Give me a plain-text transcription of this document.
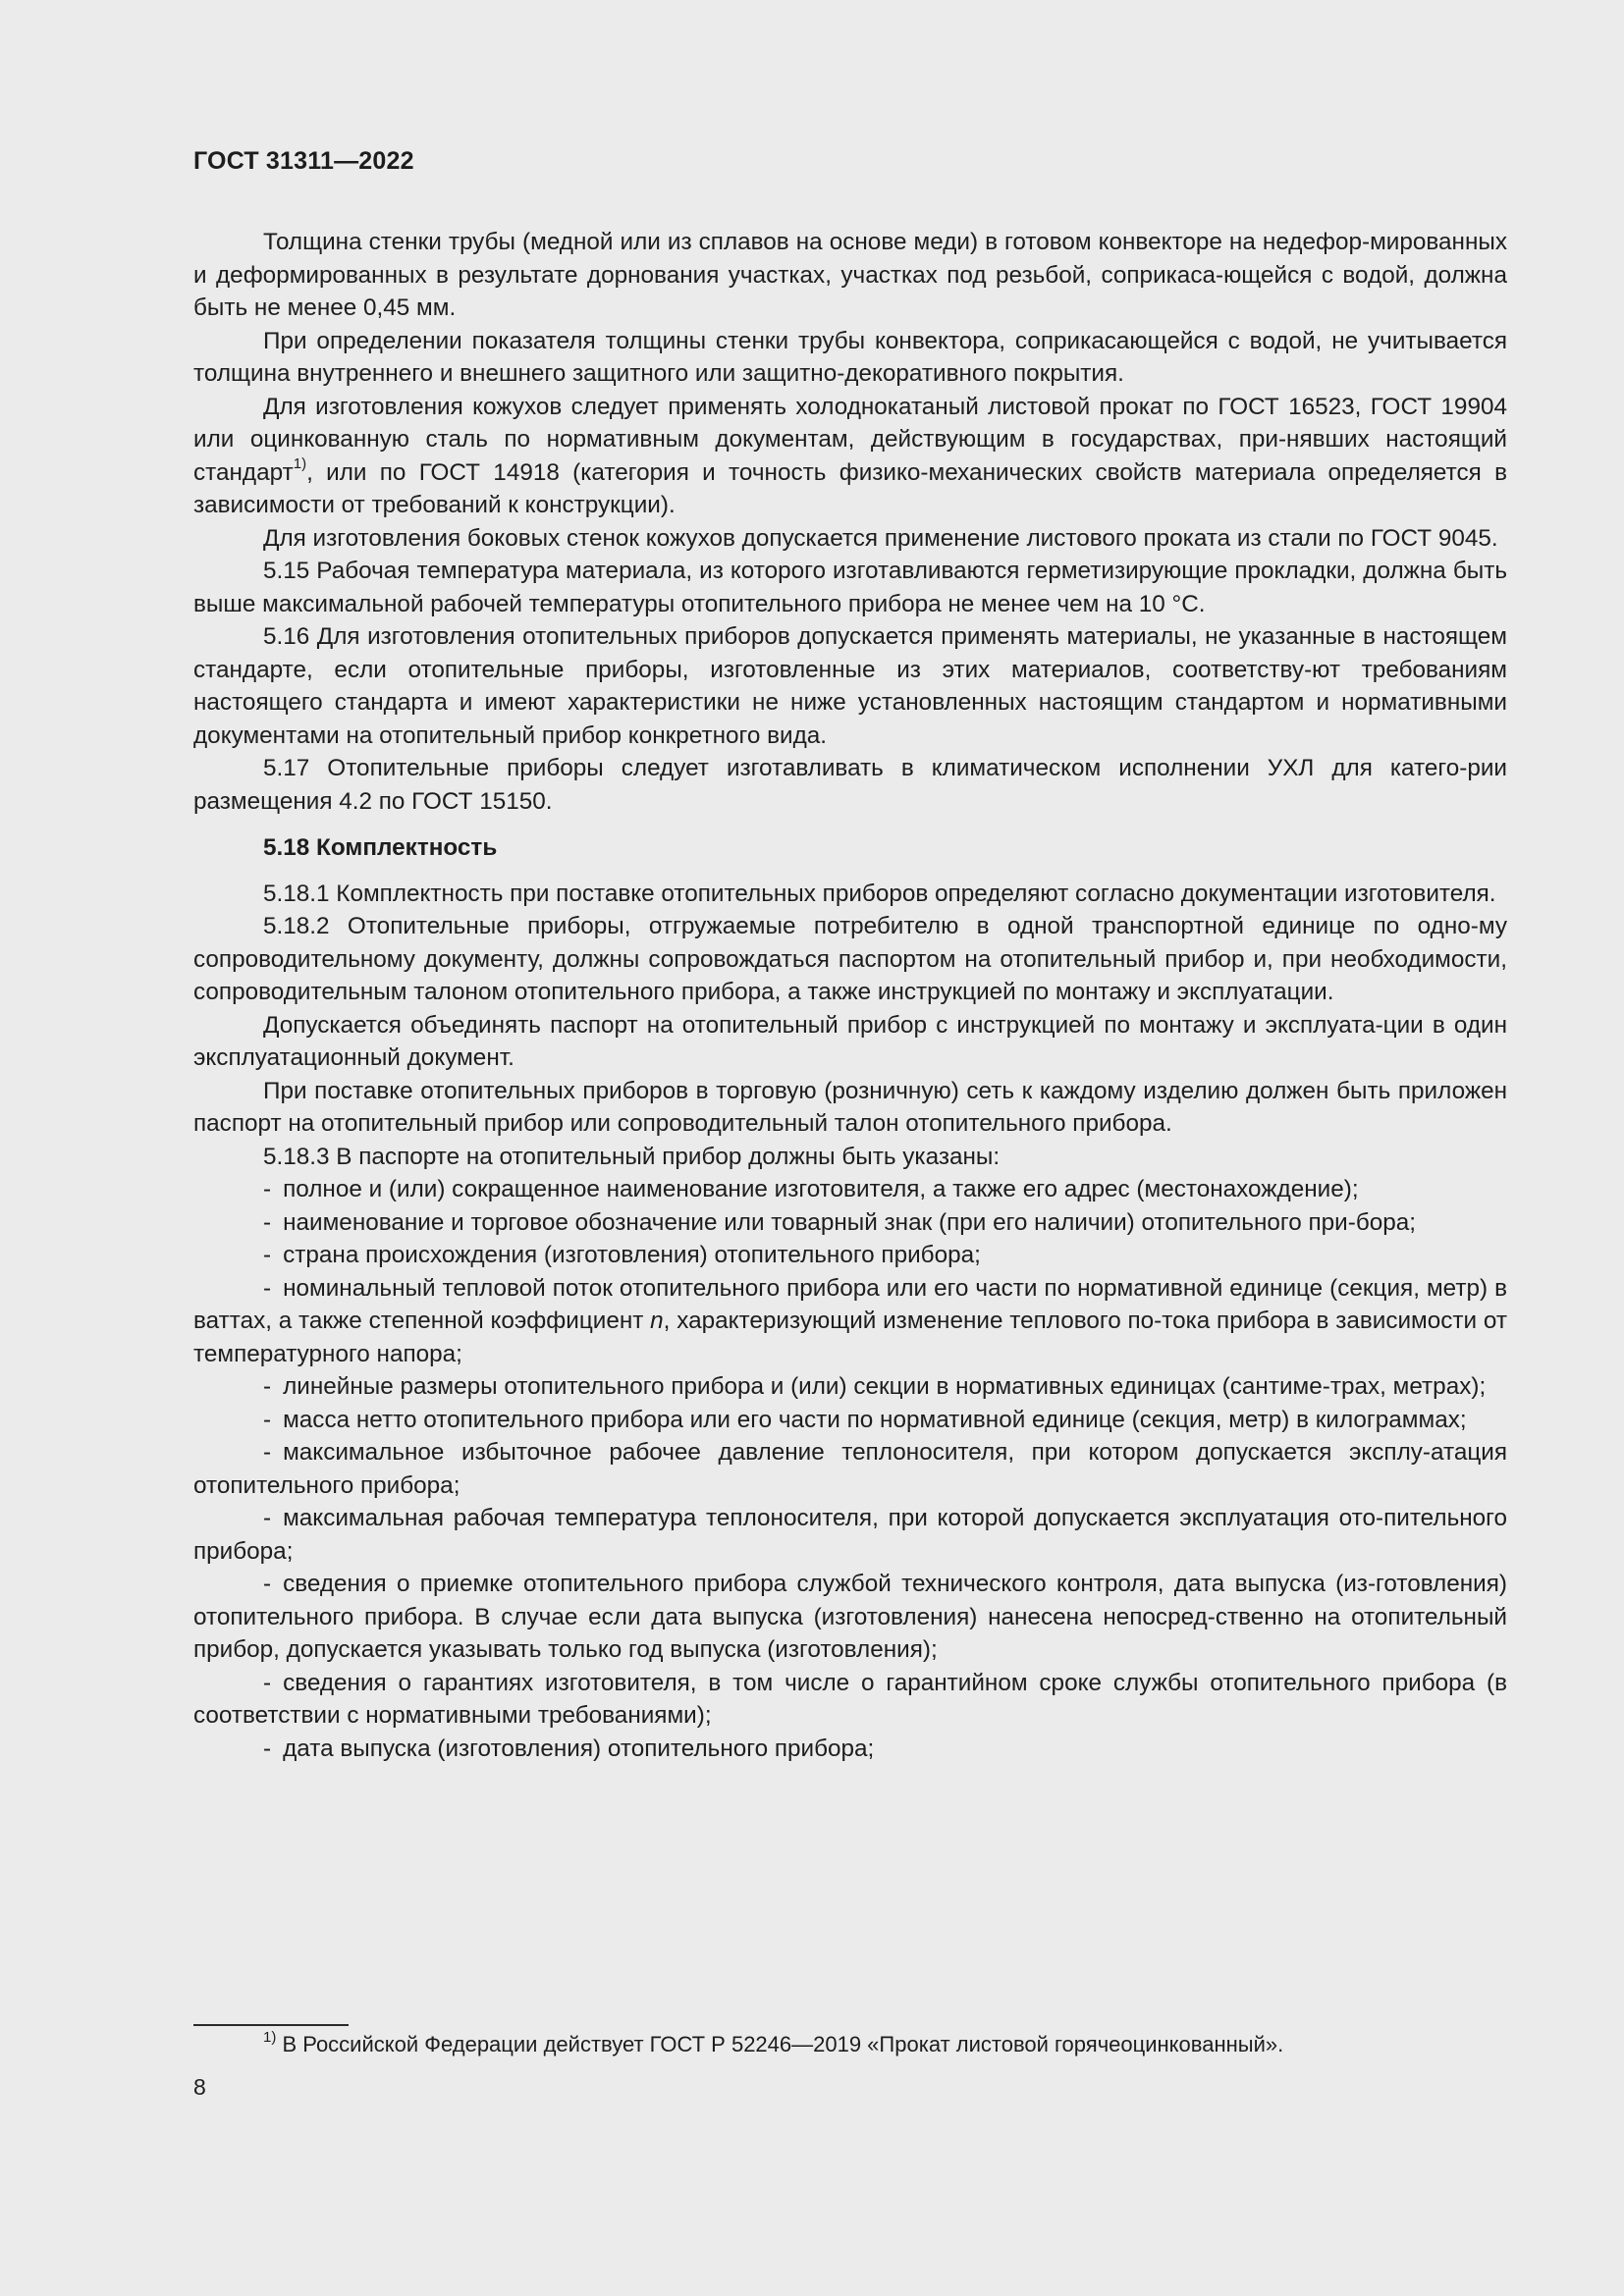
ГОСТ 31311—2022

Толщина стенки трубы (медной или из сплавов на основе меди) в готовом конвекторе на недефор-мированных и деформированных в результате дорнования участках, участках под резьбой, соприкаса-ющейся с водой, должна быть не менее 0,45 мм.

При определении показателя толщины стенки трубы конвектора, соприкасающейся с водой, не учитывается толщина внутреннего и внешнего защитного или защитно-декоративного покрытия.

Для изготовления кожухов следует применять холоднокатаный листовой прокат по ГОСТ 16523, ГОСТ 19904 или оцинкованную сталь по нормативным документам, действующим в государствах, при-нявших настоящий стандарт$^{1)}$, или по ГОСТ 14918 (категория и точность физико-механических свойств материала определяется в зависимости от требований к конструкции).

Для изготовления боковых стенок кожухов допускается применение листового проката из стали по ГОСТ 9045.

5.15 Рабочая температура материала, из которого изготавливаются герметизирующие прокладки, должна быть выше максимальной рабочей температуры отопительного прибора не менее чем на 10 °С.

5.16 Для изготовления отопительных приборов допускается применять материалы, не указанные в настоящем стандарте, если отопительные приборы, изготовленные из этих материалов, соответству-ют требованиям настоящего стандарта и имеют характеристики не ниже установленных настоящим стандартом и нормативными документами на отопительный прибор конкретного вида.

5.17 Отопительные приборы следует изготавливать в климатическом исполнении УХЛ для катего-рии размещения 4.2 по ГОСТ 15150.

5.18 Комплектность

5.18.1 Комплектность при поставке отопительных приборов определяют согласно документации изготовителя.

5.18.2 Отопительные приборы, отгружаемые потребителю в одной транспортной единице по одно-му сопроводительному документу, должны сопровождаться паспортом на отопительный прибор и, при необходимости, сопроводительным талоном отопительного прибора, а также инструкцией по монтажу и эксплуатации.

Допускается объединять паспорт на отопительный прибор с инструкцией по монтажу и эксплуата-ции в один эксплуатационный документ.

При поставке отопительных приборов в торговую (розничную) сеть к каждому изделию должен быть приложен паспорт на отопительный прибор или сопроводительный талон отопительного прибора.

5.18.3 В паспорте на отопительный прибор должны быть указаны:

- полное и (или) сокращенное наименование изготовителя, а также его адрес (местонахождение);

- наименование и торговое обозначение или товарный знак (при его наличии) отопительного при-бора;

- страна происхождения (изготовления) отопительного прибора;

- номинальный тепловой поток отопительного прибора или его части по нормативной единице (секция, метр) в ваттах, а также степенной коэффициент n, характеризующий изменение теплового по-тока прибора в зависимости от температурного напора;

- линейные размеры отопительного прибора и (или) секции в нормативных единицах (сантиме-трах, метрах);

- масса нетто отопительного прибора или его части по нормативной единице (секция, метр) в килограммах;

- максимальное избыточное рабочее давление теплоносителя, при котором допускается эксплу-атация отопительного прибора;

- максимальная рабочая температура теплоносителя, при которой допускается эксплуатация ото-пительного прибора;

- сведения о приемке отопительного прибора службой технического контроля, дата выпуска (из-готовления) отопительного прибора. В случае если дата выпуска (изготовления) нанесена непосред-ственно на отопительный прибор, допускается указывать только год выпуска (изготовления);

- сведения о гарантиях изготовителя, в том числе о гарантийном сроке службы отопительного прибора (в соответствии с нормативными требованиями);

- дата выпуска (изготовления) отопительного прибора;

$^{1)}$ В Российской Федерации действует ГОСТ Р 52246—2019 «Прокат листовой горячеоцинкованный».
8
